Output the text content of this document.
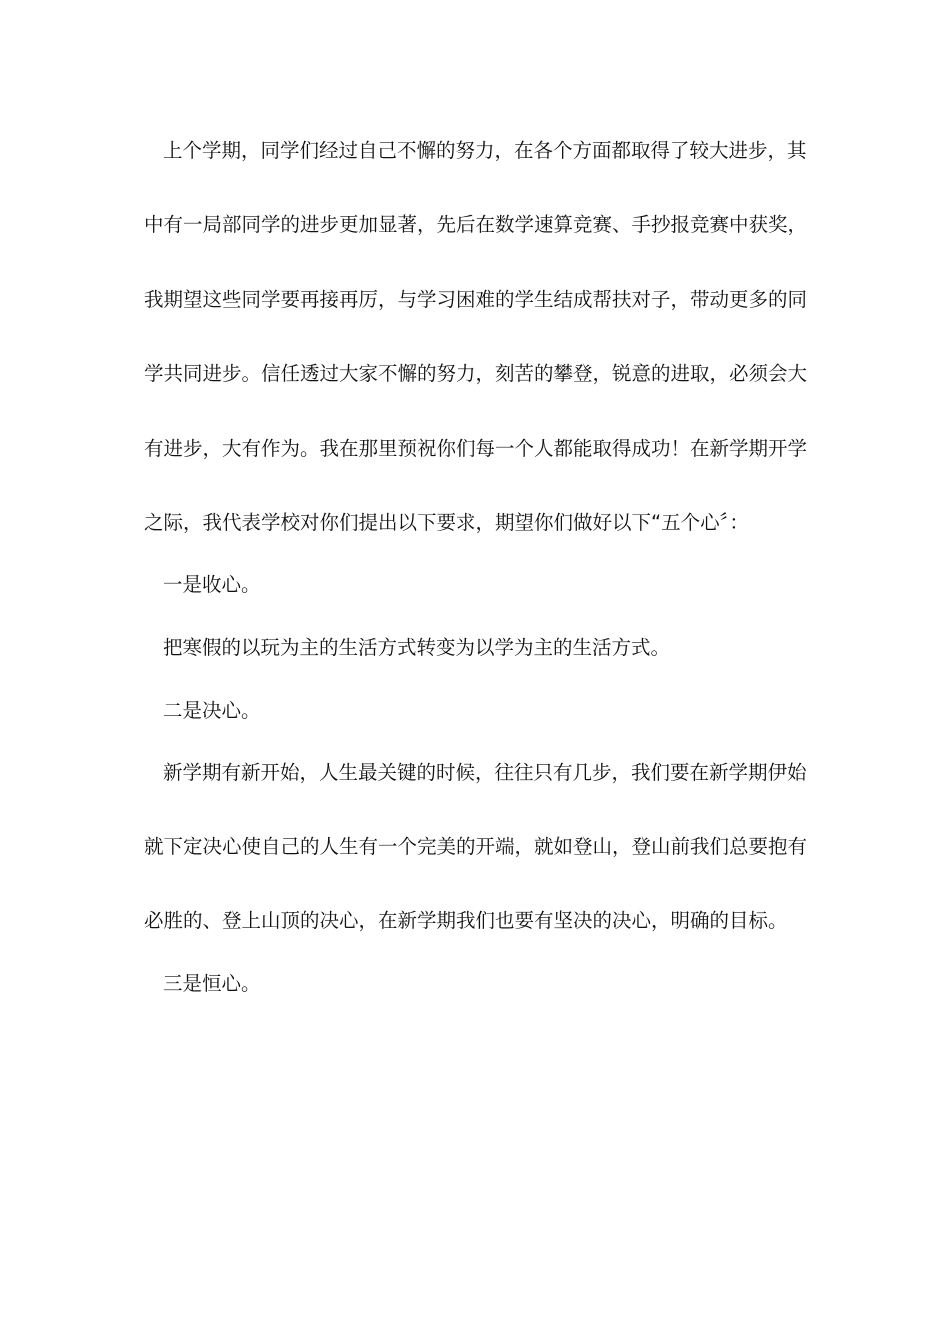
上个学期，同学们经过自己不懈的努力，在各个方面都取得了较大进步，其
中有一局部同学的进步更加显著，先后在数学速算竞赛、手抄报竞赛中获奖，
我期望这些同学要再接再厉，与学习困难的学生结成帮扶对子，带动更多的同
学共同进步。信任透过大家不懈的努力，刻苦的攀登，锐意的进取，必须会大
有进步，大有作为。我在那里预祝你们每一个人都能取得成功！在新学期开学
之际，我代表学校对你们提出以下要求，期望你们做好以下“五个心〞：
一是收心。
把寒假的以玩为主的生活方式转变为以学为主的生活方式。
二是决心。
新学期有新开始，人生最关键的时候，往往只有几步，我们要在新学期伊始
就下定决心使自己的人生有一个完美的开端，就如登山，登山前我们总要抱有
必胜的、登上山顶的决心，在新学期我们也要有坚决的决心，明确的目标。
三是恒心。
